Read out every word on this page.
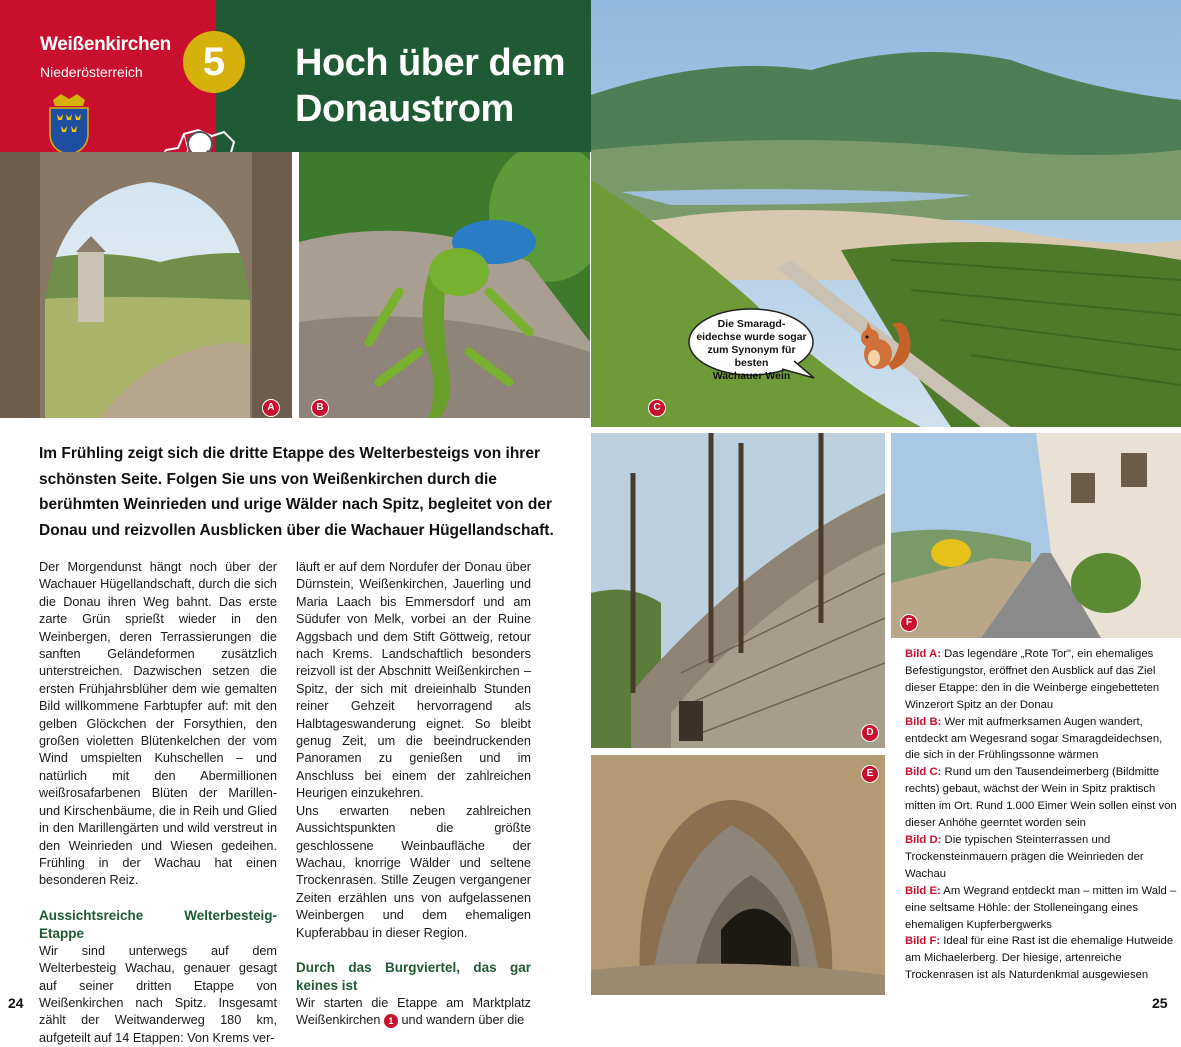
Weißenkirchen
Niederösterreich	5	Hoch über dem
Donaustrom
A	B	C
Die Smaragd-
eidechse wurde sogar
zum Synonym für besten
Wachauer Wein
Im Frühling zeigt sich die dritte Etappe des Welterbesteigs von ihrer schönsten Seite. Folgen Sie uns von Weißenkirchen durch die berühmten Weinrieden und urige Wälder nach Spitz, begleitet von der Donau und reizvollen Ausblicken über die Wachauer Hügellandschaft.

Der Morgendunst hängt noch über der Wachauer Hügellandschaft, durch die sich die Donau ihren Weg bahnt. Das erste zarte Grün sprießt wieder in den Weinbergen, deren Terrassierungen die sanften Geländeformen zusätzlich unterstreichen. Dazwischen setzen die ersten Frühjahrsblüher dem wie gemalten Bild willkommene Farbtupfer auf: mit den gelben Glöckchen der Forsythien, den großen violetten Blütenkelchen der vom Wind umspielten Kuhschellen – und natürlich mit den Abermillionen weißrosafarbenen Blüten der Marillen- und Kirschenbäume, die in Reih und Glied in den Marillengärten und wild verstreut in den Weinrieden und Wiesen gedeihen. Frühling in der Wachau hat einen besonderen Reiz.

Aussichtsreiche Welterbesteig-Etappe

Wir sind unterwegs auf dem Welterbesteig Wachau, genauer gesagt auf seiner dritten Etappe von Weißenkirchen nach Spitz. Insgesamt zählt der Weitwanderweg 180 km, aufgeteilt auf 14 Etappen: Von Krems ver-

läuft er auf dem Nordufer der Donau über Dürnstein, Weißenkirchen, Jauerling und Maria Laach bis Emmersdorf und am Südufer von Melk, vorbei an der Ruine Aggsbach und dem Stift Göttweig, retour nach Krems. Landschaftlich besonders reizvoll ist der Abschnitt Weißenkirchen – Spitz, der sich mit dreieinhalb Stunden reiner Gehzeit hervorragend als Halbtageswanderung eignet. So bleibt genug Zeit, um die beeindruckenden Panoramen zu genießen und im Anschluss bei einem der zahlreichen Heurigen einzukehren.

Uns erwarten neben zahlreichen Aussichtspunkten die größte geschlossene Weinbaufläche der Wachau, knorrige Wälder und seltene Trockenrasen. Stille Zeugen vergangener Zeiten erzählen uns von aufgelassenen Weinbergen und dem ehemaligen Kupferabbau in dieser Region.

Durch das Burgviertel, das gar keines ist

Wir starten die Etappe am Marktplatz Weißenkirchen 1 und wandern über die

D
E
F
Bild A: Das legendäre „Rote Tor", ein ehemaliges Befestigungstor, eröffnet den Ausblick auf das Ziel dieser Etappe: den in die Weinberge eingebetteten Winzerort Spitz an der Donau
Bild B: Wer mit aufmerksamen Augen wandert, entdeckt am Wegesrand sogar Smaragdeidechsen, die sich in der Frühlingssonne wärmen
Bild C: Rund um den Tausendeimerberg (Bildmitte rechts) gebaut, wächst der Wein in Spitz praktisch mitten im Ort. Rund 1.000 Eimer Wein sollen einst von dieser Anhöhe geerntet worden sein
Bild D: Die typischen Steinterrassen und Trockensteinmauern prägen die Weinrieden der Wachau
Bild E: Am Wegrand entdeckt man – mitten im Wald – eine seltsame Höhle: der Stolleneingang eines ehemaligen Kupferbergwerks
Bild F: Ideal für eine Rast ist die ehemalige Hutweide am Michaelerberg. Der hiesige, artenreiche Trockenrasen ist als Naturdenkmal ausgewiesen
24	25
